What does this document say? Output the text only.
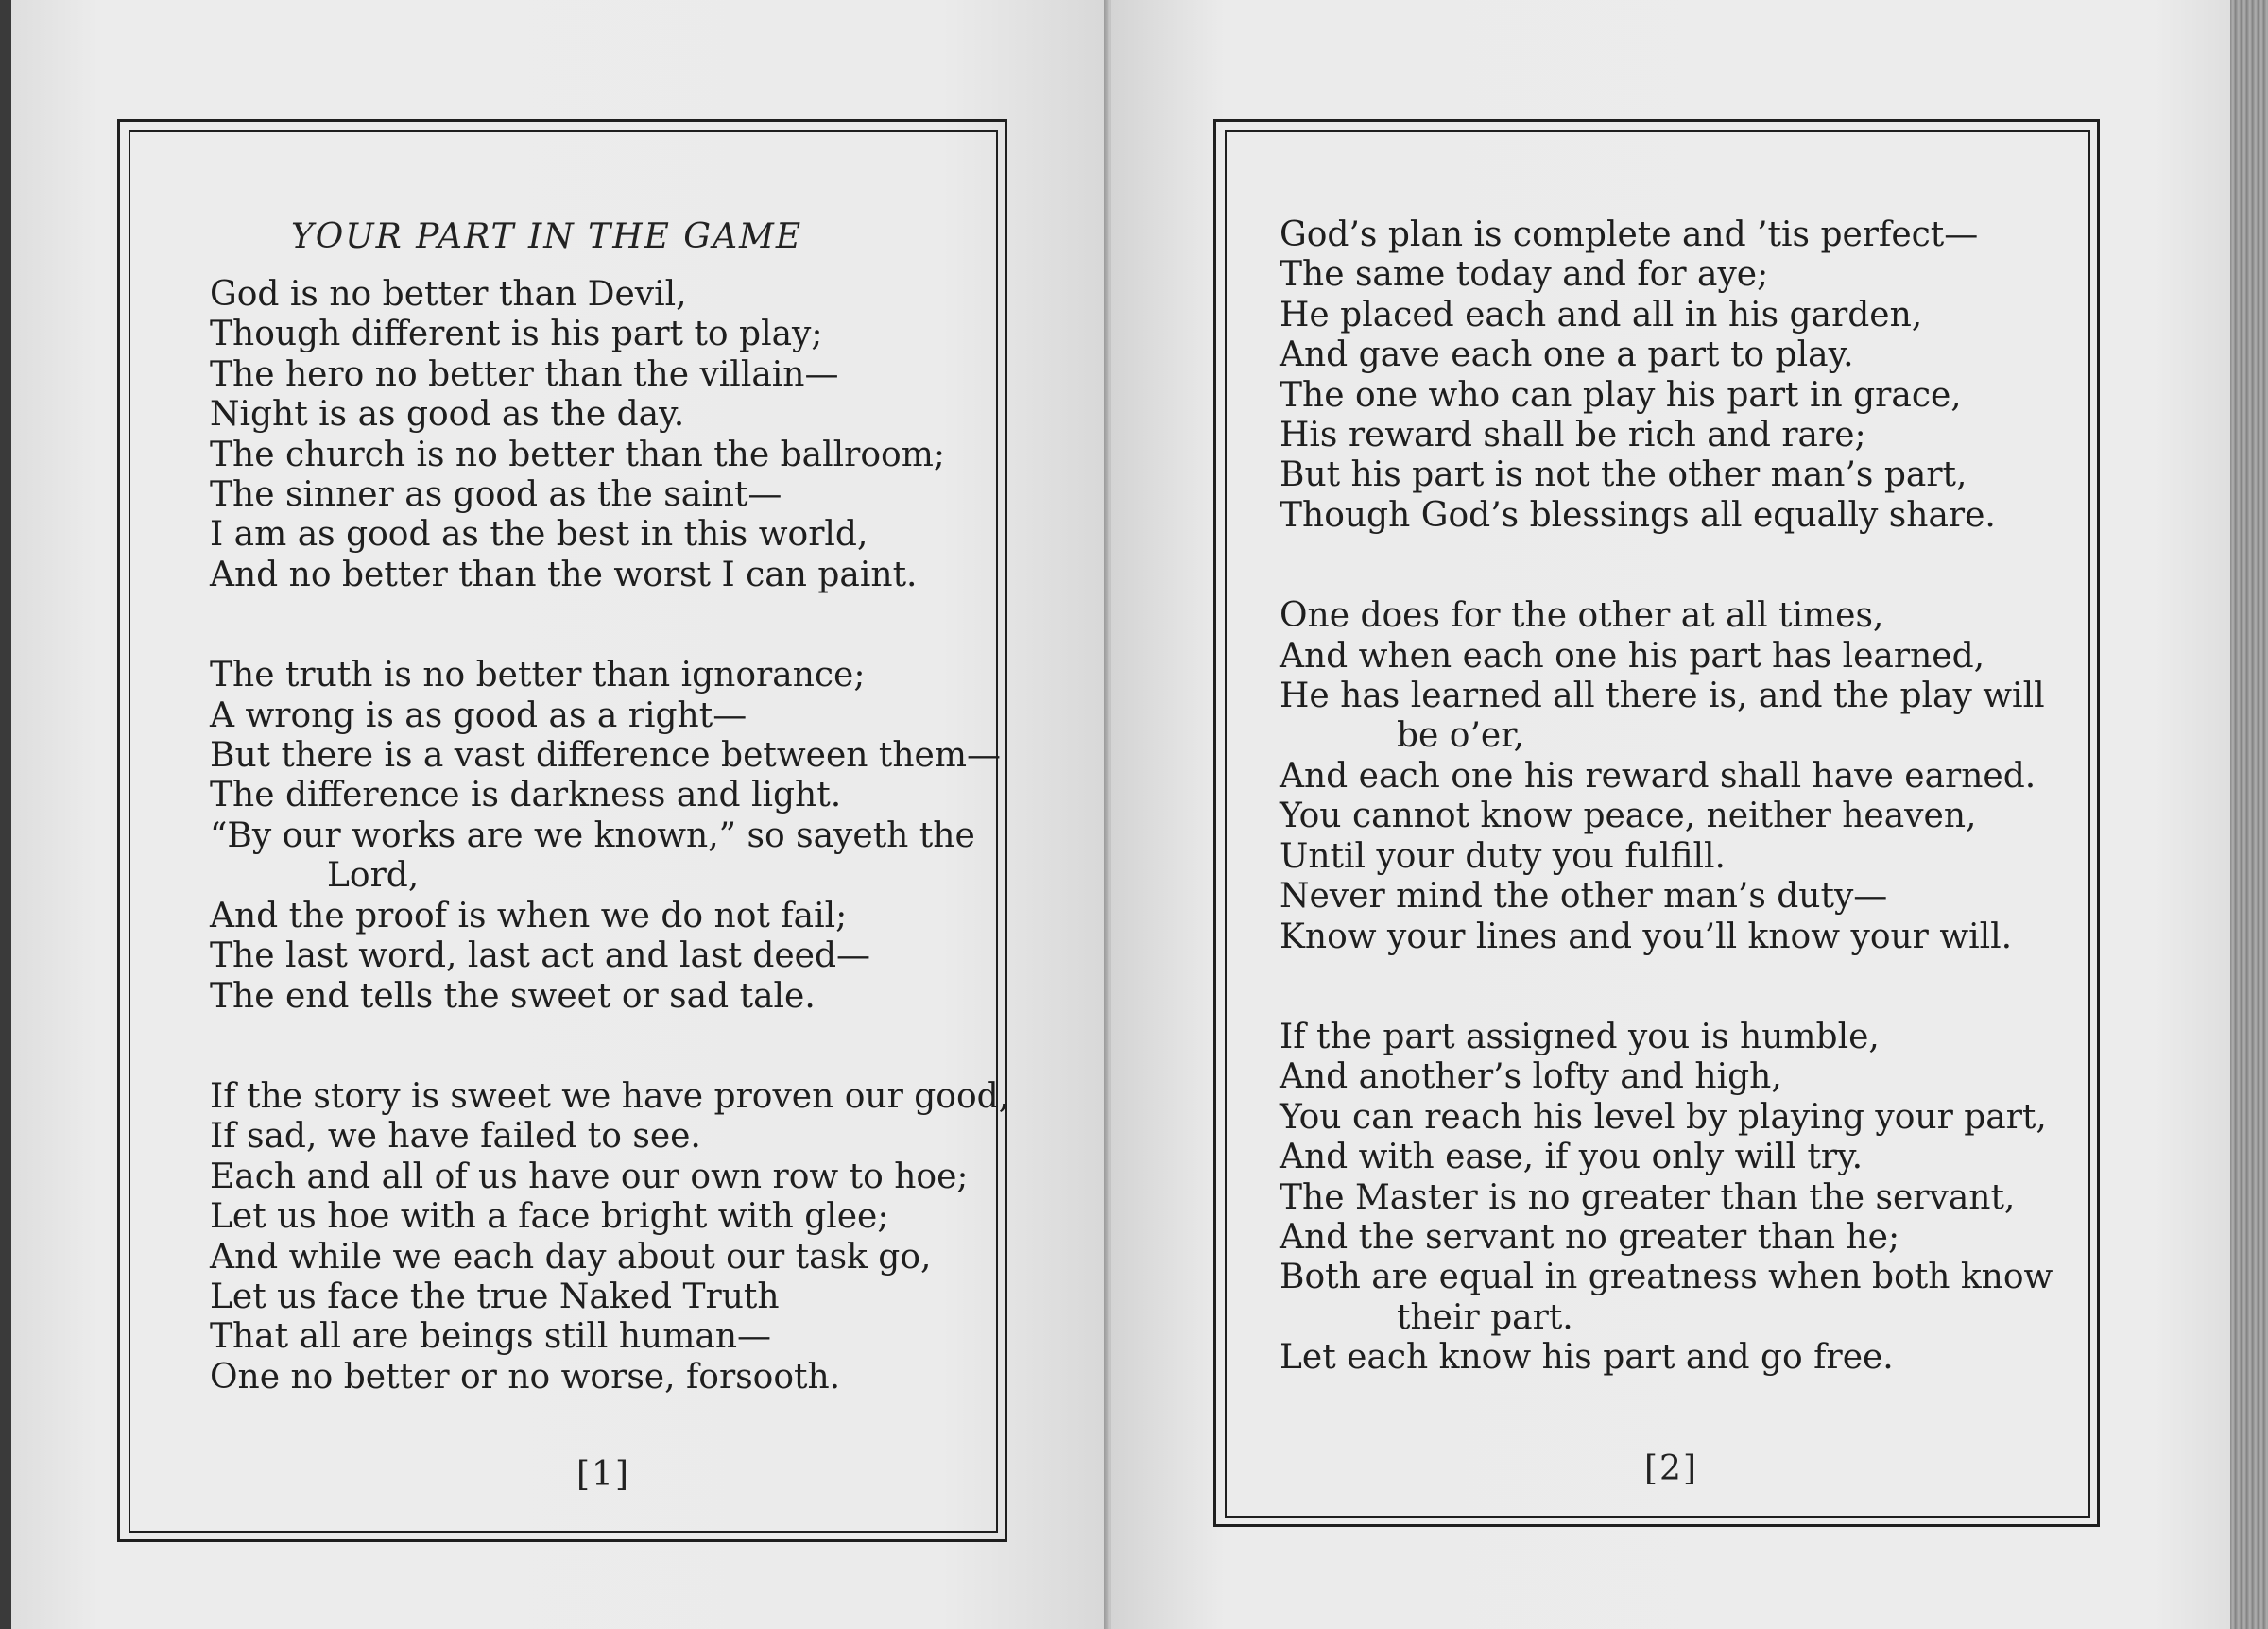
YOUR PART IN THE GAME
God is no better than Devil,
Though different is his part to play;
The hero no better than the villain—
Night is as good as the day.
The church is no better than the ballroom;
The sinner as good as the saint—
I am as good as the best in this world,
And no better than the worst I can paint.
The truth is no better than ignorance;
A wrong is as good as a right—
But there is a vast difference between them—
The difference is darkness and light.
“By our works are we known,” so sayeth the
Lord,
And the proof is when we do not fail;
The last word, last act and last deed—
The end tells the sweet or sad tale.
If the story is sweet we have proven our good,
If sad, we have failed to see.
Each and all of us have our own row to hoe;
Let us hoe with a face bright with glee;
And while we each day about our task go,
Let us face the true Naked Truth
That all are beings still human—
One no better or no worse, forsooth.
[1]
God’s plan is complete and ’tis perfect—
The same today and for aye;
He placed each and all in his garden,
And gave each one a part to play.
The one who can play his part in grace,
His reward shall be rich and rare;
But his part is not the other man’s part,
Though God’s blessings all equally share.
One does for the other at all times,
And when each one his part has learned,
He has learned all there is, and the play will
be o’er,
And each one his reward shall have earned.
You cannot know peace, neither heaven,
Until your duty you fulfill.
Never mind the other man’s duty—
Know your lines and you’ll know your will.
If the part assigned you is humble,
And another’s lofty and high,
You can reach his level by playing your part,
And with ease, if you only will try.
The Master is no greater than the servant,
And the servant no greater than he;
Both are equal in greatness when both know
their part.
Let each know his part and go free.
[2]
